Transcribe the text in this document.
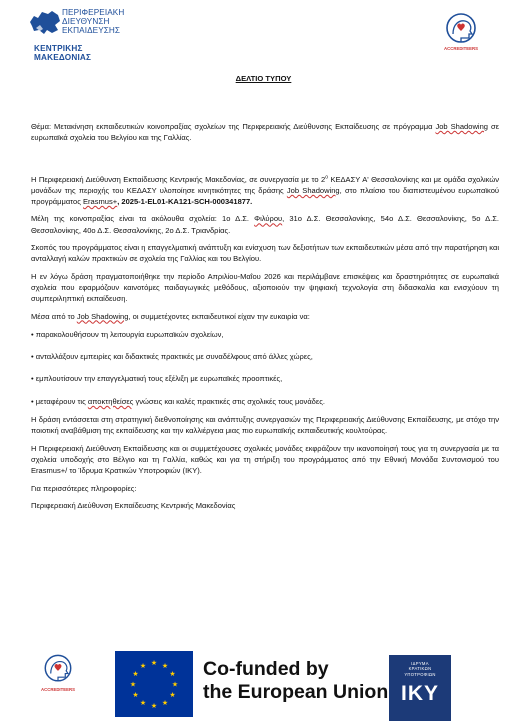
ΠΕΡΙΦΕΡΕΙΑΚΗ
ΔΙΕΥΘΥΝΣΗ
ΕΚΠΑΙΔΕΥΣΗΣ
ΚΕΝΤΡΙΚΗΣ ΜΑΚΕΔΟΝΙΑΣ
ACCREDITEERS
ΔΕΛΤΙΟ ΤΥΠΟΥ

Θέμα: Μετακίνηση εκπαιδευτικών κοινοπραξίας σχολείων της Περιφερειακής Διεύθυνσης Εκπαίδευσης σε πρόγραμμα Job Shadowing σε ευρωπαϊκά σχολεία του Βελγίου και της Γαλλίας.

Η Περιφερειακή Διεύθυνση Εκπαίδευσης Κεντρικής Μακεδονίας, σε συνεργασία με το $2^o$ ΚΕΔΑΣΥ Α' Θεσσαλονίκης και με ομάδα σχολικών μονάδων της περιοχής του ΚΕΔΑΣΥ υλοποίησε κινητικότητες της δράσης Job Shadowing, στο πλαίσιο του διαπιστευμένου ευρωπαϊκού προγράμματος Erasmus+, 2025-1-EL01-KA121-SCH-000341877.

Μέλη της κοινοπραξίας είναι τα ακόλουθα σχολεία: 1ο Δ.Σ. Φιλύρου, 31ο Δ.Σ. Θεσσαλονίκης, 54ο Δ.Σ. Θεσσαλονίκης, 5ο Δ.Σ. Θεσσαλονίκης, 40ο Δ.Σ. Θεσσαλονίκης, 2ο Δ.Σ. Τριανδρίας.

Σκοπός του προγράμματος είναι η επαγγελματική ανάπτυξη και ενίσχυση των δεξιοτήτων των εκπαιδευτικών μέσα από την παρατήρηση και ανταλλαγή καλών πρακτικών σε σχολεία της Γαλλίας και του Βελγίου.

Η εν λόγω δράση πραγματοποιήθηκε την περίοδο Απριλίου-Μαΐου 2026 και περιλάμβανε επισκέψεις και δραστηριότητες σε ευρωπαϊκά σχολεία που εφαρμόζουν καινοτόμες παιδαγωγικές μεθόδους, αξιοποιούν την ψηφιακή τεχνολογία στη διδασκαλία και ενισχύουν τη συμπεριληπτική εκπαίδευση.

Μέσα από το Job Shadowing, οι συμμετέχοντες εκπαιδευτικοί είχαν την ευκαιρία να:

• παρακολουθήσουν τη λειτουργία ευρωπαϊκών σχολείων,

• ανταλλάξουν εμπειρίες και διδακτικές πρακτικές με συναδέλφους από άλλες χώρες,

• εμπλουτίσουν την επαγγελματική τους εξέλιξη με ευρωπαϊκές προοπτικές,

• μεταφέρουν τις αποκτηθείσες γνώσεις και καλές πρακτικές στις σχολικές τους μονάδες.

Η δράση εντάσσεται στη στρατηγική διεθνοποίησης και ανάπτυξης συνεργασιών της Περιφερειακής Διεύθυνσης Εκπαίδευσης, με στόχο την ποιοτική αναβάθμιση της εκπαίδευσης και την καλλιέργεια μιας πιο ευρωπαϊκής εκπαιδευτικής κουλτούρας.

Η Περιφερειακή Διεύθυνση Εκπαίδευσης και οι συμμετέχουσες σχολικές μονάδες εκφράζουν την ικανοποίησή τους για τη συνεργασία με τα σχολεία υποδοχής στο Βέλγιο και τη Γαλλία, καθώς και για τη στήριξη του προγράμματος από την Εθνική Μονάδα Συντονισμού του Erasmus+/ το Ίδρυμα Κρατικών Υποτροφιών (ΙΚΥ).

Για περισσότερες πληροφορίες:

Περιφερειακή Διεύθυνση Εκπαίδευσης Κεντρικής Μακεδονίας

ACCREDITEERS
★ ★
★
★
★
★
★
★
★
★
★
★	Co-funded by
the European Union
ΙΔΡΥΜΑ
ΚΡΑΤΙΚΩΝ
ΥΠΟΤΡΟΦΙΩΝ
IKY
